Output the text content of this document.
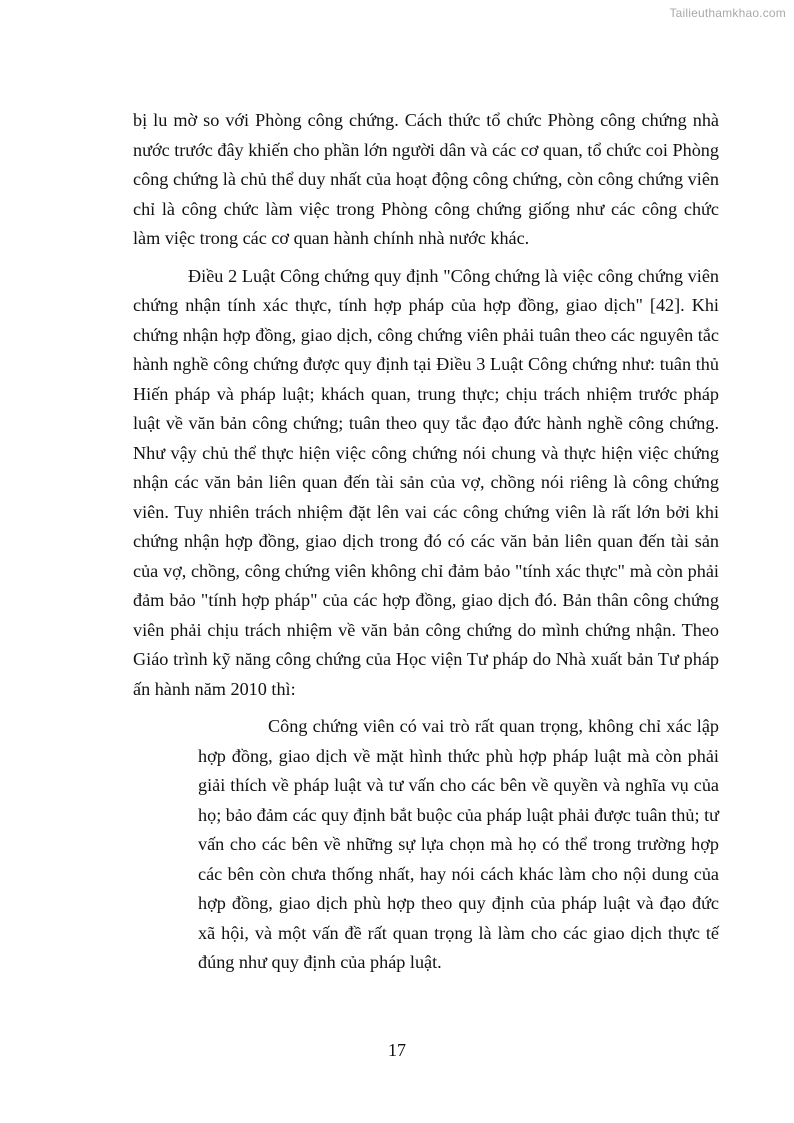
Tailieuthamkhao.com

bị lu mờ so với Phòng công chứng. Cách thức tổ chức Phòng công chứng nhà nước trước đây khiến cho phần lớn người dân và các cơ quan, tổ chức coi Phòng công chứng là chủ thể duy nhất của hoạt động công chứng, còn công chứng viên chỉ là công chức làm việc trong Phòng công chứng giống như các công chức làm việc trong các cơ quan hành chính nhà nước khác.

Điều 2 Luật Công chứng quy định "Công chứng là việc công chứng viên chứng nhận tính xác thực, tính hợp pháp của hợp đồng, giao dịch" [42]. Khi chứng nhận hợp đồng, giao dịch, công chứng viên phải tuân theo các nguyên tắc hành nghề công chứng được quy định tại Điều 3 Luật Công chứng như: tuân thủ Hiến pháp và pháp luật; khách quan, trung thực; chịu trách nhiệm trước pháp luật về văn bản công chứng; tuân theo quy tắc đạo đức hành nghề công chứng. Như vậy chủ thể thực hiện việc công chứng nói chung và thực hiện việc chứng nhận các văn bản liên quan đến tài sản của vợ, chồng nói riêng là công chứng viên. Tuy nhiên trách nhiệm đặt lên vai các công chứng viên là rất lớn bởi khi chứng nhận hợp đồng, giao dịch trong đó có các văn bản liên quan đến tài sản của vợ, chồng, công chứng viên không chỉ đảm bảo "tính xác thực" mà còn phải đảm bảo "tính hợp pháp" của các hợp đồng, giao dịch đó. Bản thân công chứng viên phải chịu trách nhiệm về văn bản công chứng do mình chứng nhận. Theo Giáo trình kỹ năng công chứng của Học viện Tư pháp do Nhà xuất bản Tư pháp ấn hành năm 2010 thì:

Công chứng viên có vai trò rất quan trọng, không chỉ xác lập hợp đồng, giao dịch về mặt hình thức phù hợp pháp luật mà còn phải giải thích về pháp luật và tư vấn cho các bên về quyền và nghĩa vụ của họ; bảo đảm các quy định bắt buộc của pháp luật phải được tuân thủ; tư vấn cho các bên về những sự lựa chọn mà họ có thể trong trường hợp các bên còn chưa thống nhất, hay nói cách khác làm cho nội dung của hợp đồng, giao dịch phù hợp theo quy định của pháp luật và đạo đức xã hội, và một vấn đề rất quan trọng là làm cho các giao dịch thực tế đúng như quy định của pháp luật.

17
